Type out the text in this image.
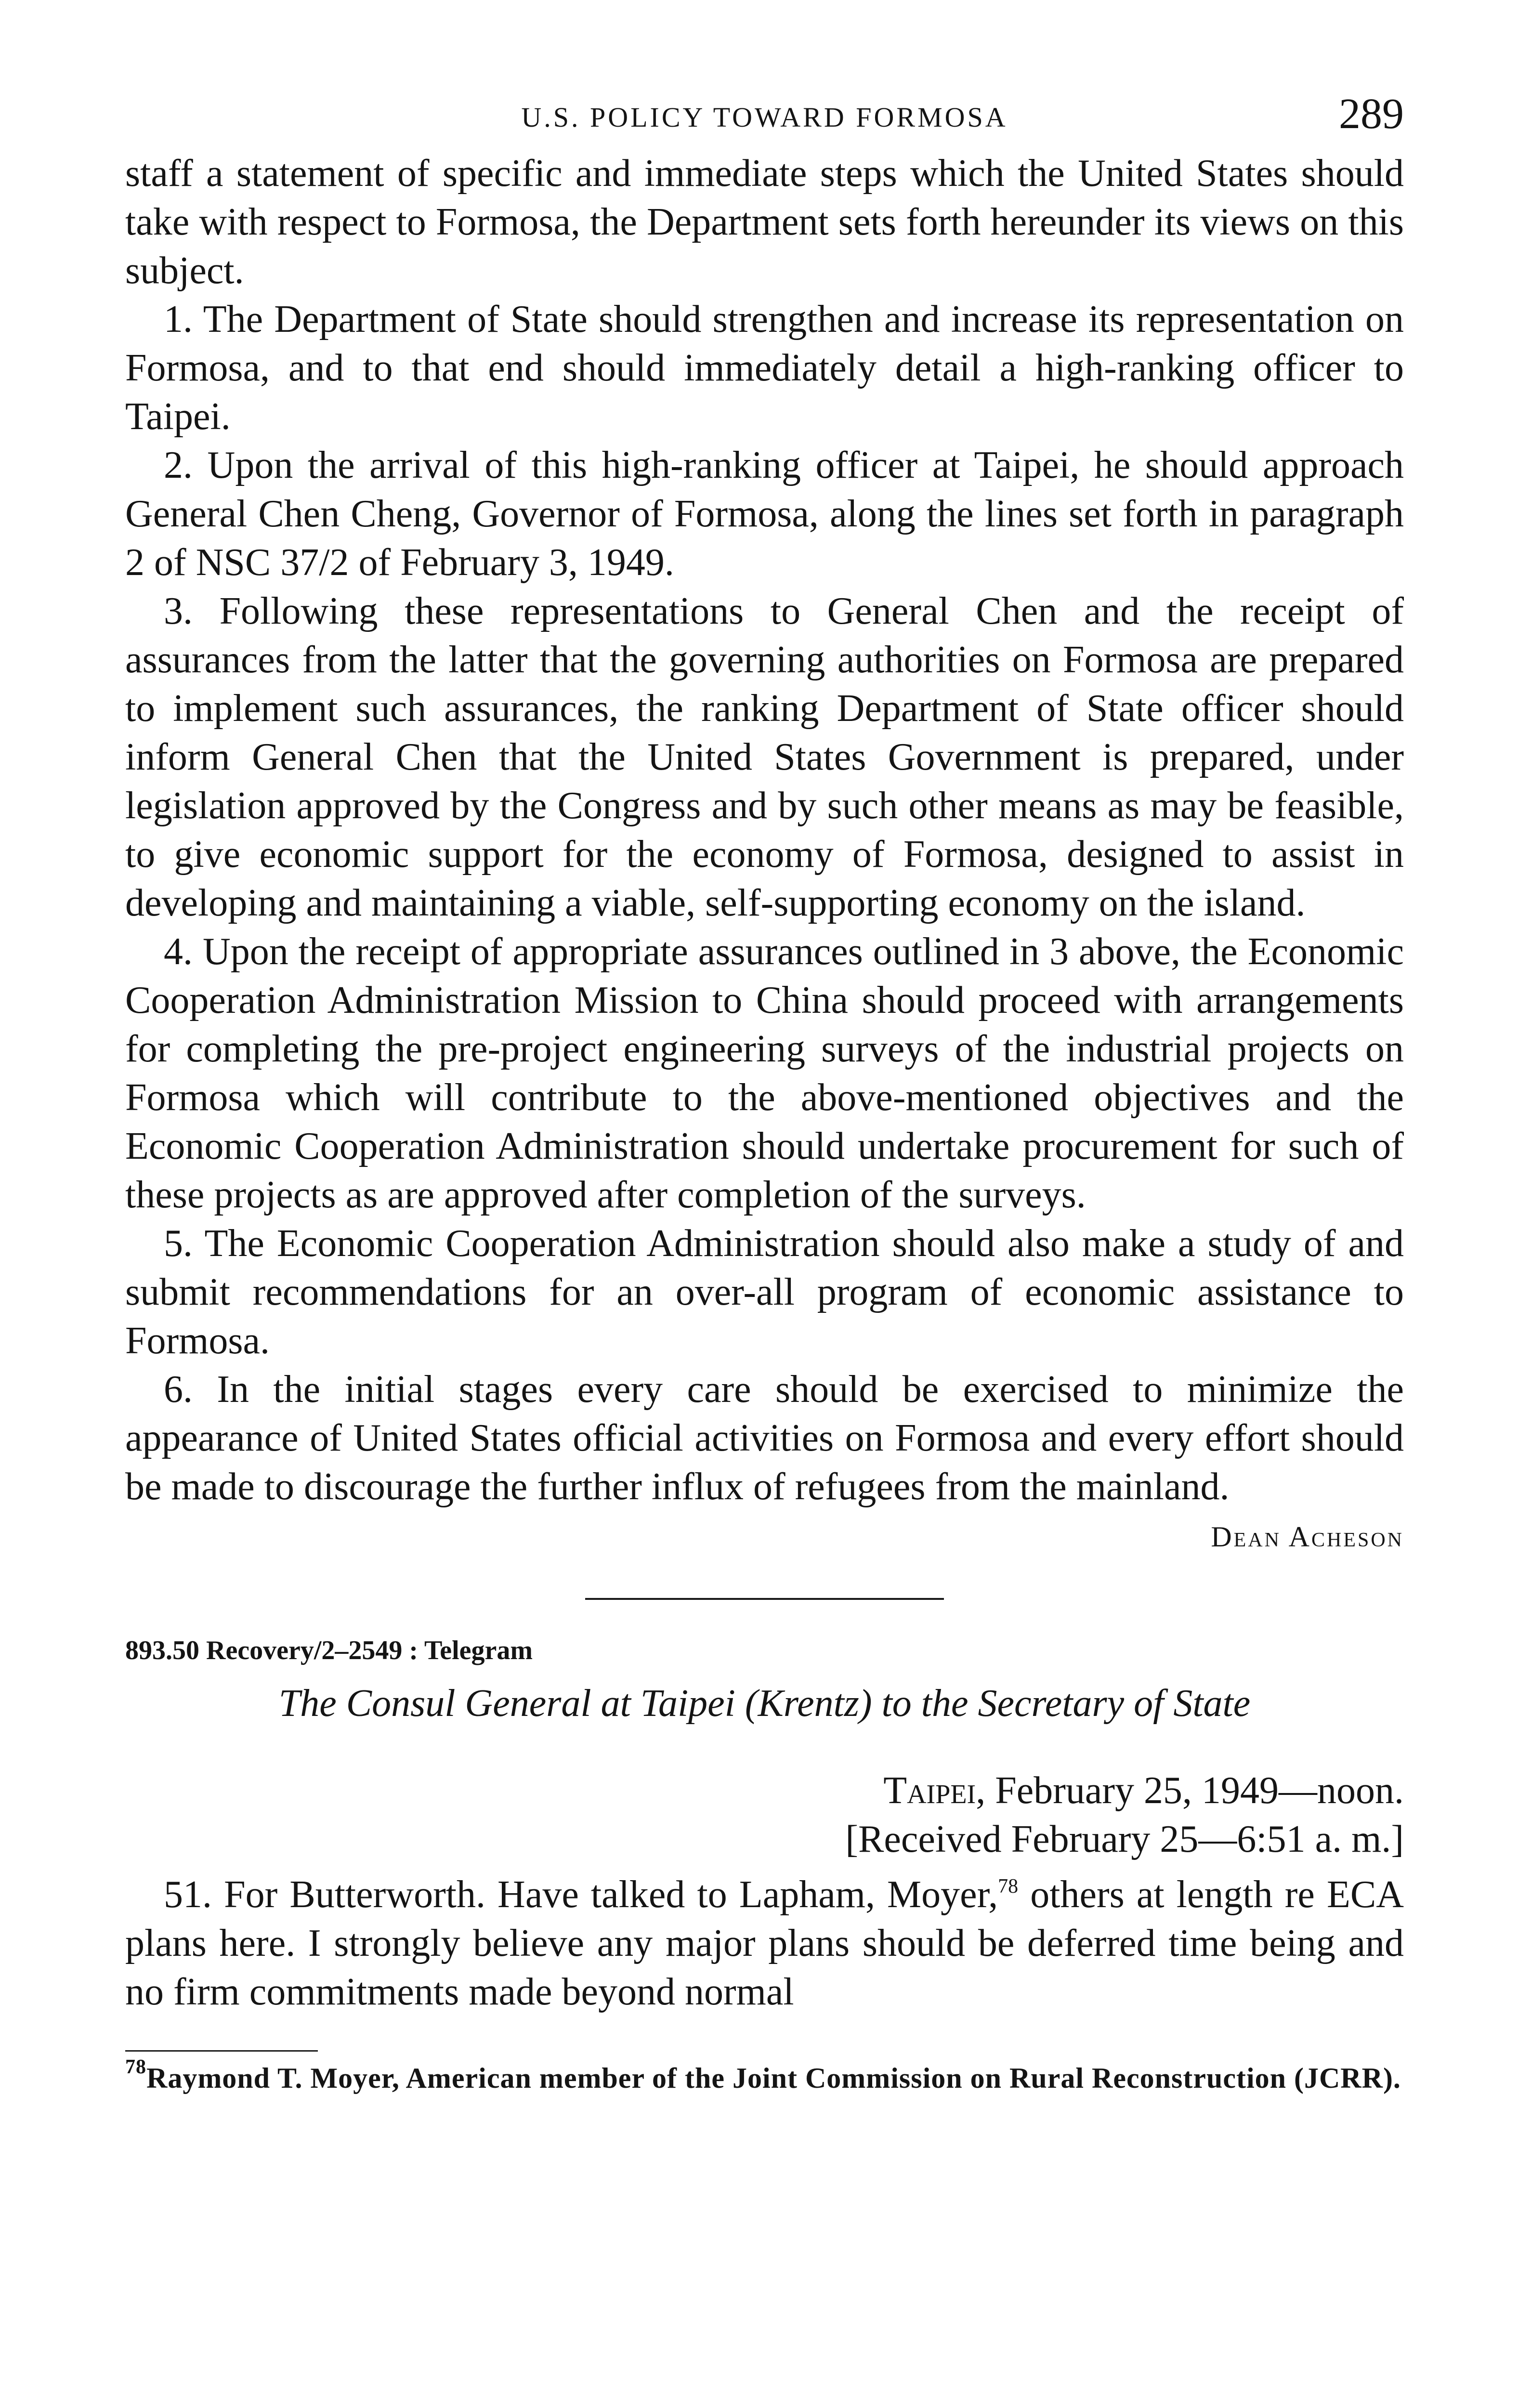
U.S. POLICY TOWARD FORMOSA	289

staff a statement of specific and immediate steps which the United States should take with respect to Formosa, the Department sets forth hereunder its views on this subject.

1. The Department of State should strengthen and increase its representation on Formosa, and to that end should immediately detail a high-ranking officer to Taipei.

2. Upon the arrival of this high-ranking officer at Taipei, he should approach General Chen Cheng, Governor of Formosa, along the lines set forth in paragraph 2 of NSC 37/2 of February 3, 1949.

3. Following these representations to General Chen and the receipt of assurances from the latter that the governing authorities on Formosa are prepared to implement such assurances, the ranking Department of State officer should inform General Chen that the United States Government is prepared, under legislation approved by the Congress and by such other means as may be feasible, to give economic support for the economy of Formosa, designed to assist in developing and maintaining a viable, self-supporting economy on the island.

4. Upon the receipt of appropriate assurances outlined in 3 above, the Economic Cooperation Administration Mission to China should proceed with arrangements for completing the pre-project engineering surveys of the industrial projects on Formosa which will contribute to the above-mentioned objectives and the Economic Cooperation Administration should undertake procurement for such of these projects as are approved after completion of the surveys.

5. The Economic Cooperation Administration should also make a study of and submit recommendations for an over-all program of economic assistance to Formosa.

6. In the initial stages every care should be exercised to minimize the appearance of United States official activities on Formosa and every effort should be made to discourage the further influx of refugees from the mainland.

Dean Acheson
893.50 Recovery/2–2549 : Telegram
The Consul General at Taipei (Krentz) to the Secretary of State
Taipei, February 25, 1949—noon.
[Received February 25—6:51 a. m.]

51. For Butterworth. Have talked to Lapham, Moyer,$^{78}$ others at length re ECA plans here. I strongly believe any major plans should be deferred time being and no firm commitments made beyond normal

$^{78}$Raymond T. Moyer, American member of the Joint Commission on Rural Reconstruction (JCRR).
